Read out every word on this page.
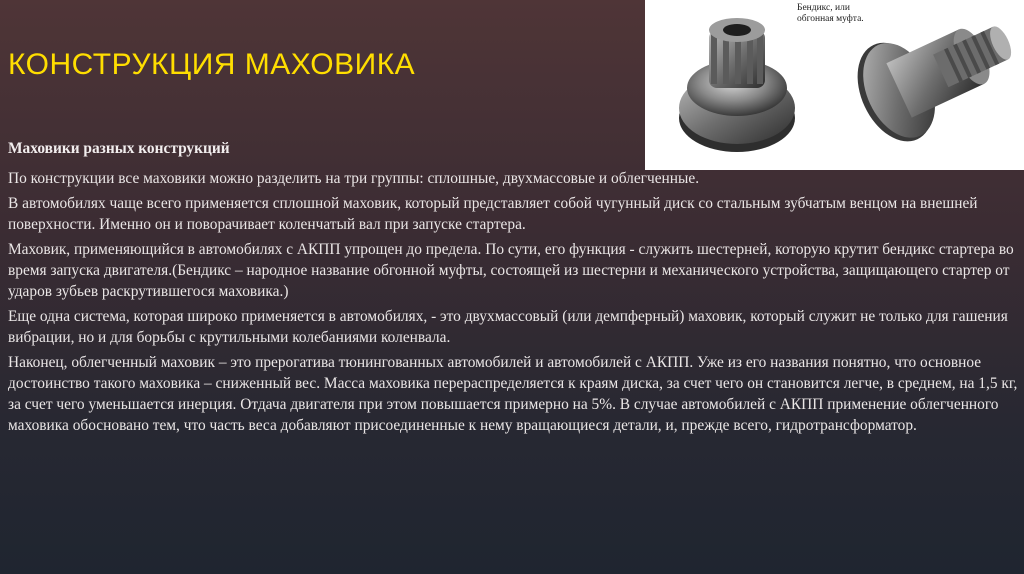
КОНСТРУКЦИЯ МАХОВИКА
Бендикс, или обгонная муфта.
Маховики разных конструкций

По конструкции все маховики можно разделить на три группы: сплошные, двухмассовые и облегченные.

В автомобилях чаще всего применяется сплошной маховик, который представляет собой чугунный диск со стальным зубчатым венцом на внешней поверхности. Именно он и поворачивает коленчатый вал при запуске стартера.

Маховик, применяющийся в автомобилях с АКПП упрощен до предела. По сути, его функция - служить шестерней, которую крутит бендикс стартера во время запуска двигателя.(Бендикс – народное название обгонной муфты, состоящей из шестерни и механического устройства, защищающего стартер от ударов зубьев раскрутившегося маховика.)

Еще одна система, которая широко применяется в автомобилях, - это двухмассовый (или демпферный) маховик, который служит не только для гашения вибрации, но и для борьбы с крутильными колебаниями коленвала.

Наконец, облегченный маховик – это прерогатива тюнингованных автомобилей и автомобилей с АКПП. Уже из его названия понятно, что основное достоинство такого маховика – сниженный вес. Масса маховика перераспределяется к краям диска, за счет чего он становится легче, в среднем, на 1,5 кг, за счет чего уменьшается инерция. Отдача двигателя при этом повышается примерно на 5%. В случае автомобилей с АКПП применение облегченного маховика обосновано тем, что часть веса добавляют присоединенные к нему вращающиеся детали, и, прежде всего, гидротрансформатор.
